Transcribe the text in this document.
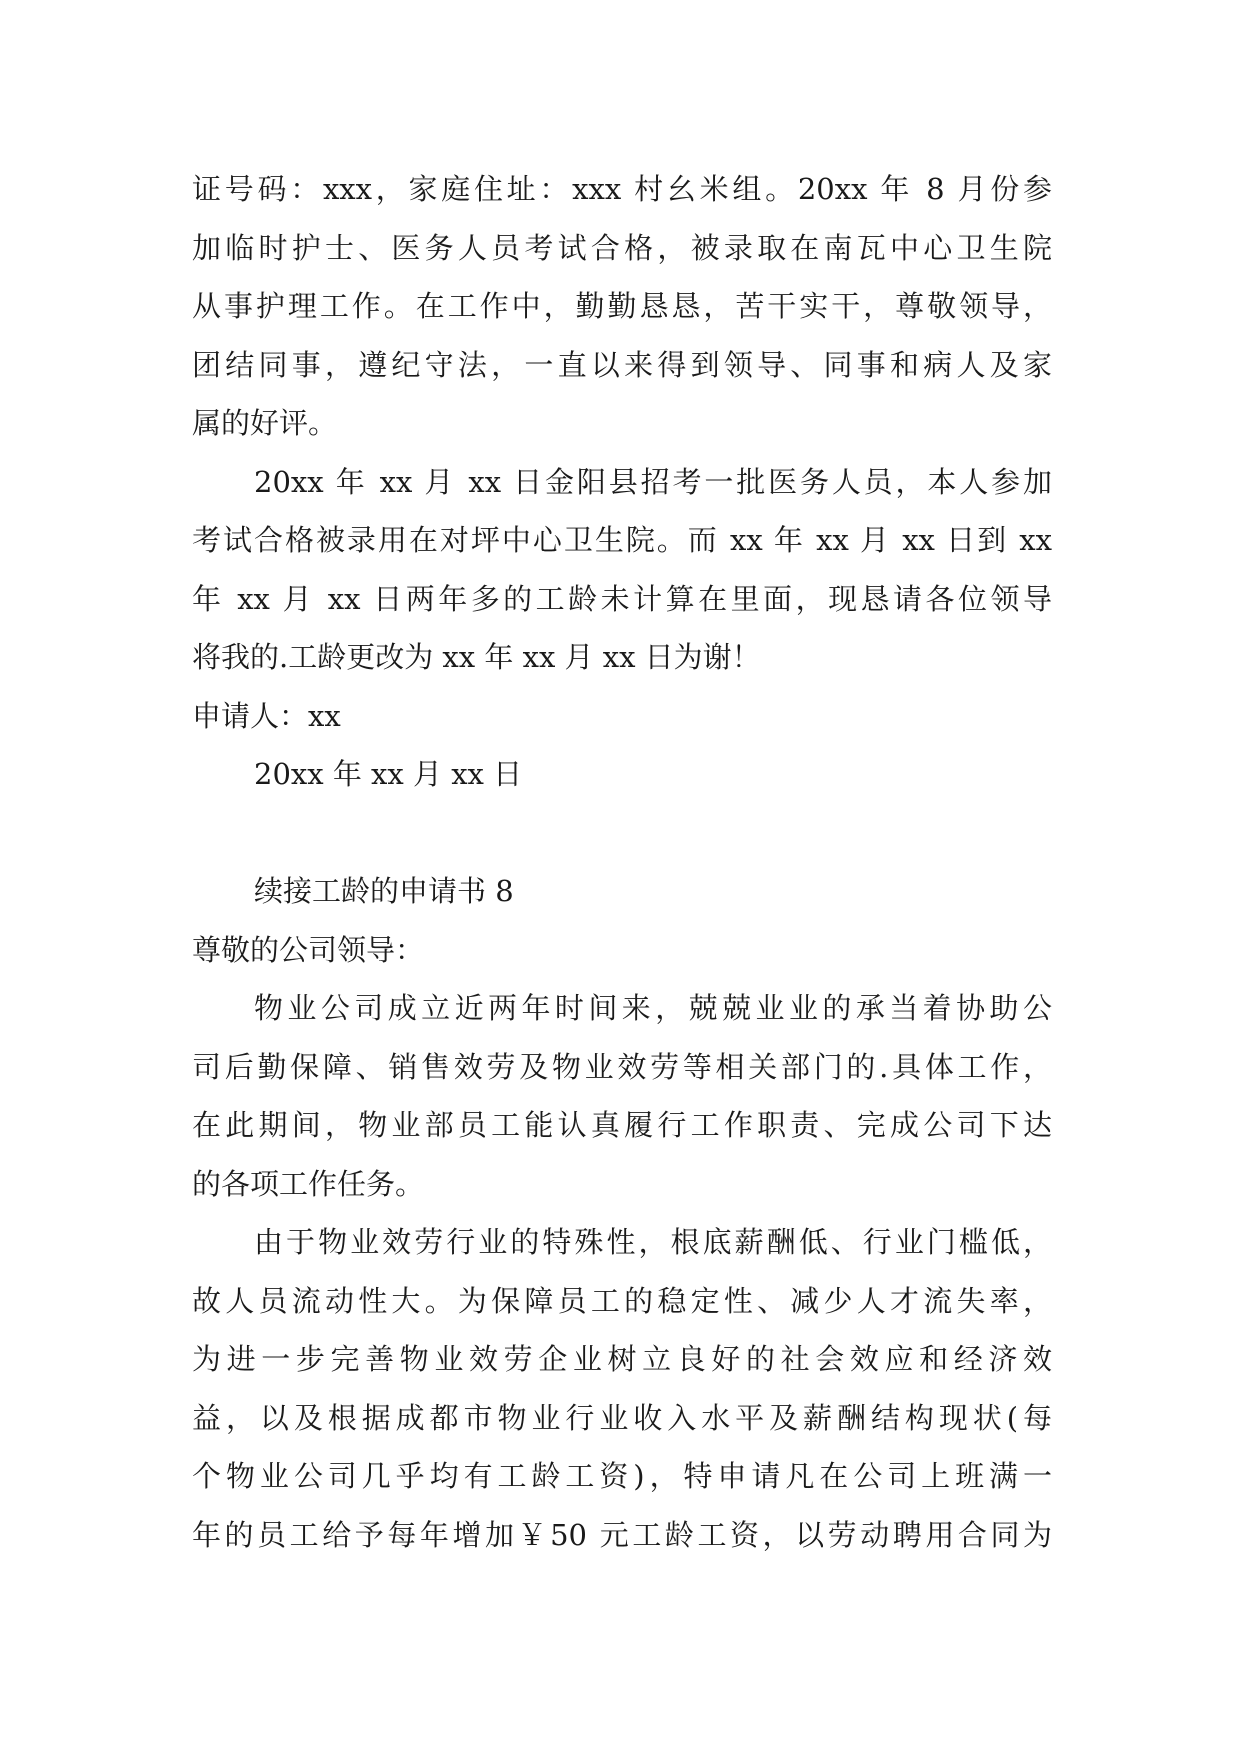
证号码：xxx，家庭住址：xxx 村幺米组。20xx 年 8 月份参
加临时护士、医务人员考试合格，被录取在南瓦中心卫生院
从事护理工作。在工作中，勤勤恳恳，苦干实干，尊敬领导，
团结同事，遵纪守法，一直以来得到领导、同事和病人及家
属的好评。
20xx 年 xx 月 xx 日金阳县招考一批医务人员，本人参加
考试合格被录用在对坪中心卫生院。而 xx 年 xx 月 xx 日到 xx
年 xx 月 xx 日两年多的工龄未计算在里面，现恳请各位领导
将我的.工龄更改为 xx 年 xx 月 xx 日为谢！
申请人：xx
20xx 年 xx 月 xx 日
续接工龄的申请书 8
尊敬的公司领导：
物业公司成立近两年时间来，兢兢业业的承当着协助公
司后勤保障、销售效劳及物业效劳等相关部门的.具体工作，
在此期间，物业部员工能认真履行工作职责、完成公司下达
的各项工作任务。
由于物业效劳行业的特殊性，根底薪酬低、行业门槛低，
故人员流动性大。为保障员工的稳定性、减少人才流失率，
为进一步完善物业效劳企业树立良好的社会效应和经济效
益，以及根据成都市物业行业收入水平及薪酬结构现状(每
个物业公司几乎均有工龄工资)，特申请凡在公司上班满一
年的员工给予每年增加￥50 元工龄工资，以劳动聘用合同为
